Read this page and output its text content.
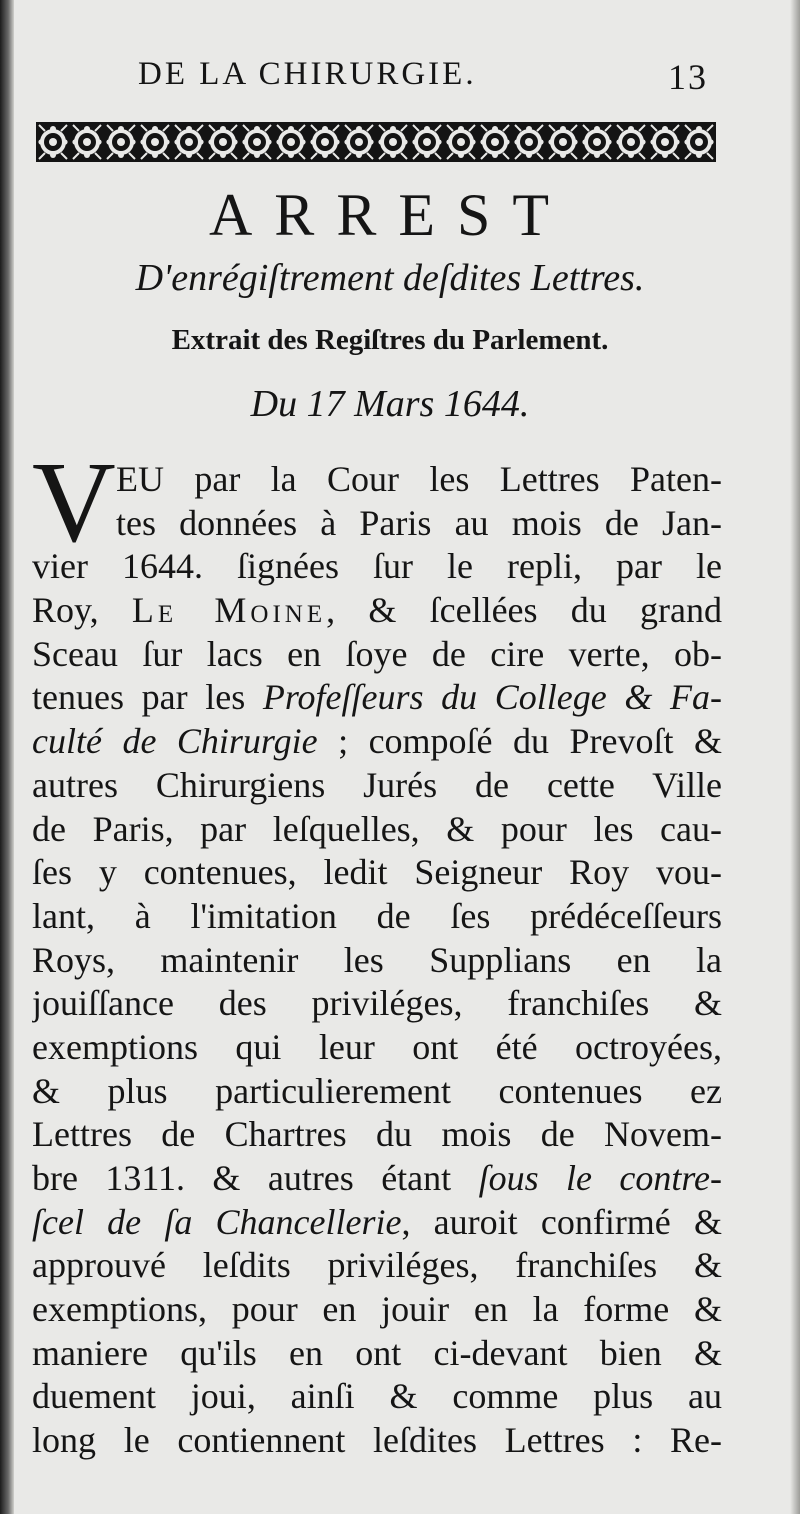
DE LA CHIRURGIE.	13
ARREST
D'enrégiſtrement deſdites Lettres.
Extrait des Regiſtres du Parlement.
Du 17 Mars 1644.
V EU par la Cour les Lettres Paten-
tes données à Paris au mois de Jan-
vier 1644. ſignées ſur le repli, par le
Roy, Le Moine, & ſcellées du grand
Sceau ſur lacs en ſoye de cire verte, ob-
tenues par les Profeſſeurs du College & Fa-
culté de Chirurgie ; compoſé du Prevoſt &
autres Chirurgiens Jurés de cette Ville
de Paris, par leſquelles, & pour les cau-
ſes y contenues, ledit Seigneur Roy vou-
lant, à l'imitation de ſes prédéceſſeurs
Roys, maintenir les Supplians en la
jouiſſance des priviléges, franchiſes &
exemptions qui leur ont été octroyées,
& plus particulierement contenues ez
Lettres de Chartres du mois de Novem-
bre 1311. & autres étant ſous le contre-
ſcel de ſa Chancellerie, auroit confirmé &
approuvé leſdits priviléges, franchiſes &
exemptions, pour en jouir en la forme &
maniere qu'ils en ont ci-devant bien &
duement joui, ainſi & comme plus au
long le contiennent leſdites Lettres : Re-
